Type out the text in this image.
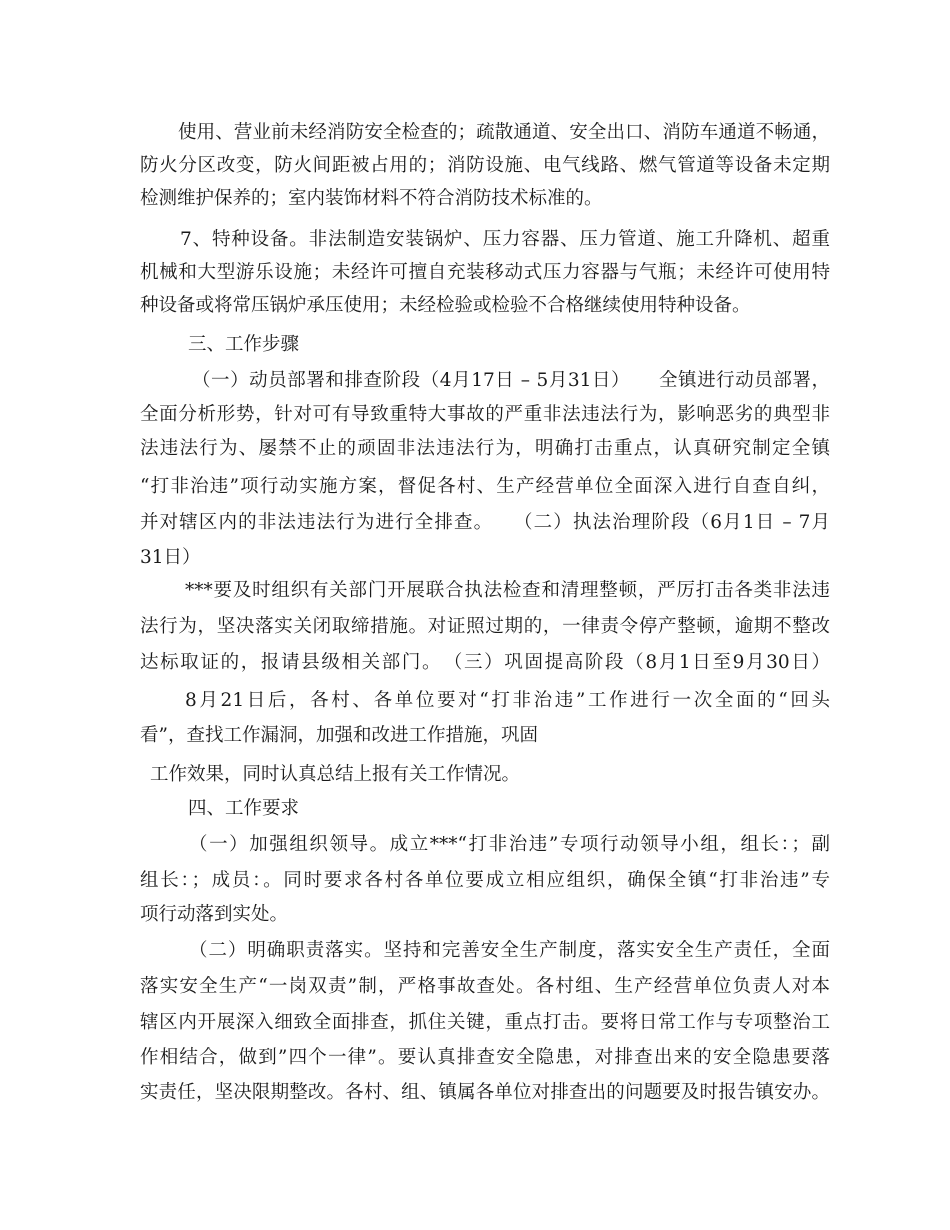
使用、营业前未经消防安全检查的；疏散通道、安全出口、消防车通道不畅通，
防火分区改变，防火间距被占用的；消防设施、电气线路、燃气管道等设备未定期
检测维护保养的；室内装饰材料不符合消防技术标准的。
7、特种设备。非法制造安装锅炉、压力容器、压力管道、施工升降机、超重
机械和大型游乐设施；未经许可擅自充装移动式压力容器与气瓶；未经许可使用特
种设备或将常压锅炉承压使用；未经检验或检验不合格继续使用特种设备。
三、工作步骤
（一）动员部署和排查阶段（4月17日 – 5月31日）　　全镇进行动员部署，
全面分析形势，针对可有导致重特大事故的严重非法违法行为，影响恶劣的典型非
法违法行为、屡禁不止的顽固非法违法行为，明确打击重点，认真研究制定全镇
“打非治违”项行动实施方案，督促各村、生产经营单位全面深入进行自查自纠，
并对辖区内的非法违法行为进行全排查。　　（二）执法治理阶段（6月1日 – 7月
31日）
***要及时组织有关部门开展联合执法检查和清理整顿，严厉打击各类非法违
法行为，坚决落实关闭取缔措施。对证照过期的，一律责令停产整顿，逾期不整改
达标取证的，报请县级相关部门。　（三）巩固提高阶段（8月1日至9月30日）
8月21日后，各村、各单位要对“打非治违”工作进行一次全面的“回头
看”，查找工作漏洞，加强和改进工作措施，巩固
工作效果，同时认真总结上报有关工作情况。
四、工作要求
（一）加强组织领导。成立***“打非治违”专项行动领导小组，组长：；副
组长：；成员：。同时要求各村各单位要成立相应组织，确保全镇“打非治违”专
项行动落到实处。
（二）明确职责落实。坚持和完善安全生产制度，落实安全生产责任，全面
落实安全生产“一岗双责”制，严格事故查处。各村组、生产经营单位负责人对本
辖区内开展深入细致全面排查，抓住关键，重点打击。要将日常工作与专项整治工
作相结合，做到”四个一律”。要认真排查安全隐患，对排查出来的安全隐患要落
实责任，坚决限期整改。各村、组、镇属各单位对排查出的问题要及时报告镇安办。
